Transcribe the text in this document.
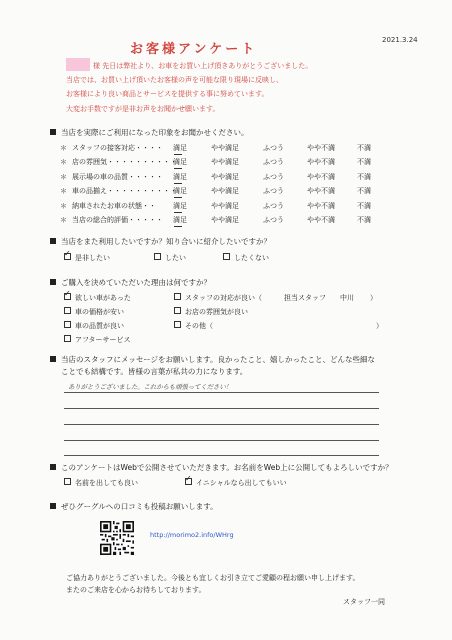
2021.3.24
お客様アンケート
様 先日は弊社より、お車をお買い上げ頂きありがとうございました。
当店では、お買い上げ頂いたお客様の声を可能な限り現場に反映し、
お客様により良い商品とサービスを提供する事に努めています。
大変お手数ですが是非お声をお聞かせ願います。
当店を実際にご利用になった印象をお聞かせください。
＊ スタッフの接客対応・・・・ 満足	やや満足	ふつう	やや不満	不満
＊ 店の雰囲気・・・・・・・・・・
満足	やや満足	ふつう	やや不満	不満
＊ 展示場の車の品質・・・・・ 満足	やや満足	ふつう	やや不満	不満
＊ 車の品揃え・・・・・・・・・・
満足	やや満足	ふつう	やや不満	不満
＊ 納車されたお車の状態・・ 満足	やや満足	ふつう	やや不満	不満
＊ 当店の総合的評価・・・・・ 満足	やや満足	ふつう	やや不満	不満
当店をまた利用したいですか？知り合いに紹介したいですか？
✓是非したい	したい	したくない
ご購入を決めていただいた理由は何ですか？
✓欲しい車があった
車の価格が安い
車の品質が良い
アフターサービス
スタッフの対応が良い（	担当スタッフ 中川 ）
お店の雰囲気が良い
その他（	）
当店のスタッフにメッセージをお願いします。良かったこと、嬉しかったこと、どんな些細な
ことでも結構です。皆様の言葉が私共の力になります。
ありがとうございました。これからも頑張ってください！
このアンケートはWebで公開させていただきます。お名前をWeb上に公開してもよろしいですか？
名前を出しても良い
✓	イニシャルなら出してもいい
ぜひグーグルへの口コミも投稿お願いします。
http://morimo2.info/WHrg
ご協力ありがとうございました。今後とも宜しくお引き立てご愛顧の程お願い申し上げます。
またのご来店を心からお待ちしております。
スタッフ一同
